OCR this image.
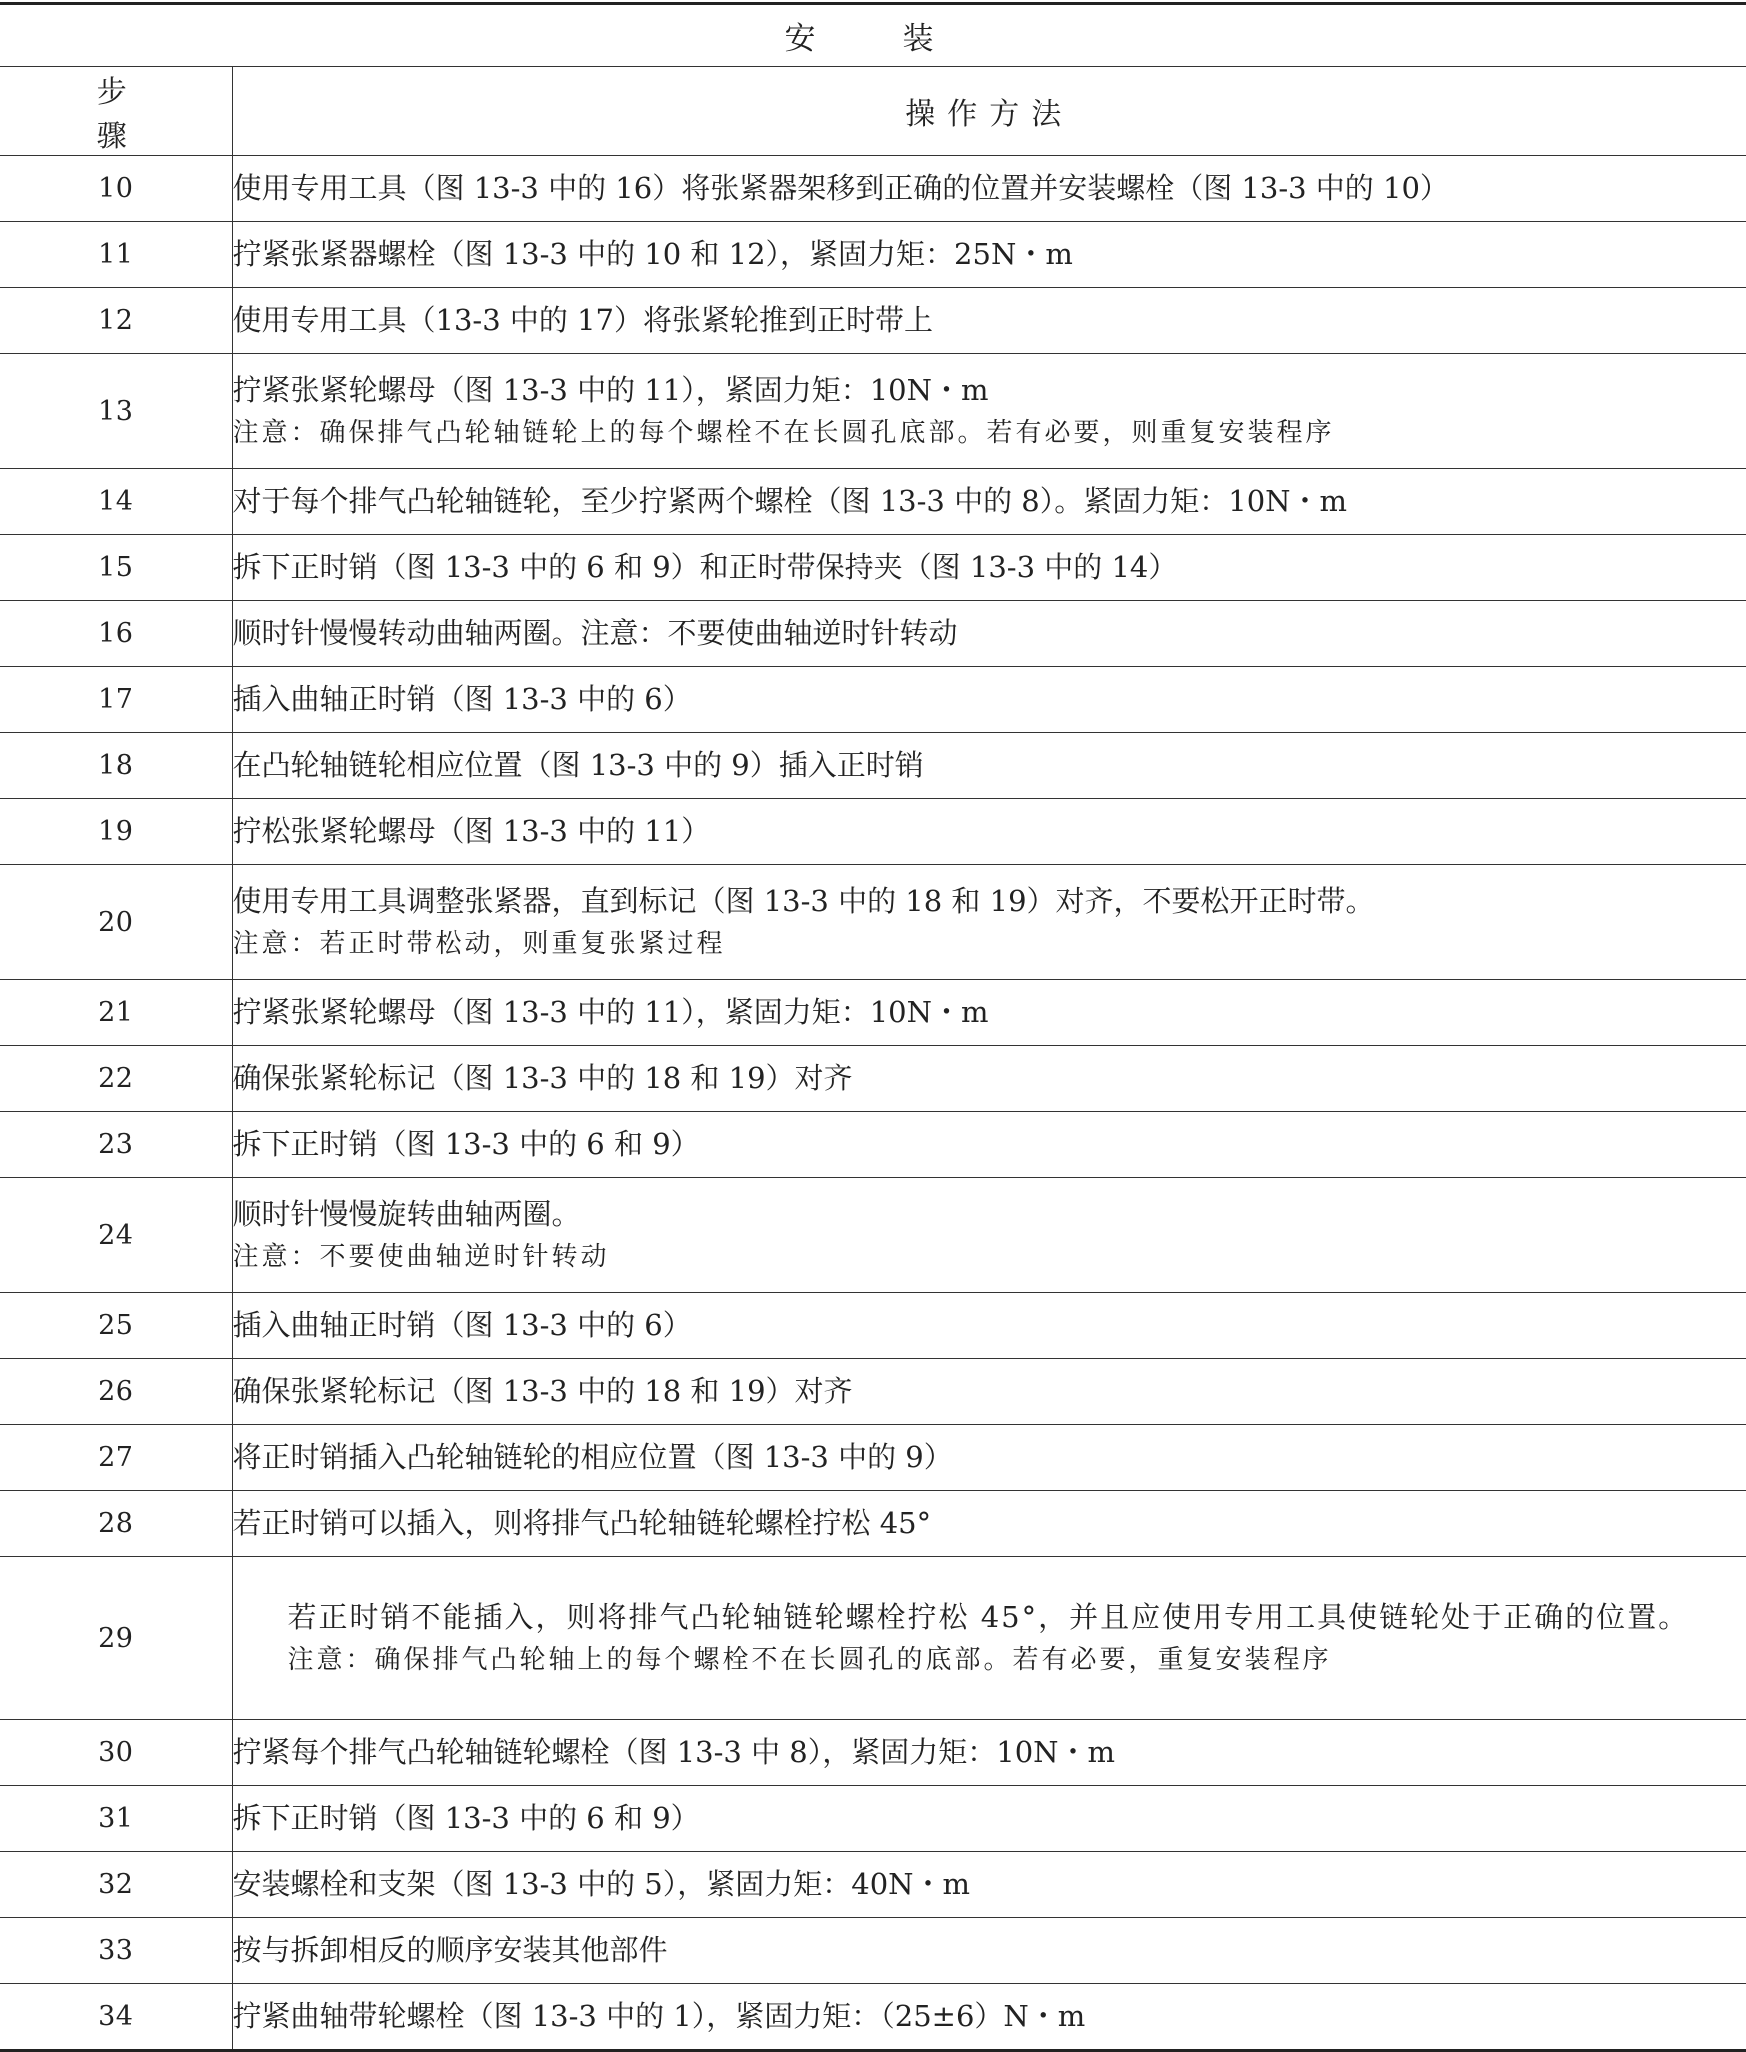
安　装	
步　骤	操作方法
10	使用专用工具（图 13-3 中的 16）将张紧器架移到正确的位置并安装螺栓（图 13-3 中的 10）

11	拧紧张紧器螺栓（图 13-3 中的 10 和 12），紧固力矩：25N・m

12	使用专用工具（13-3 中的 17）将张紧轮推到正时带上

13	拧紧张紧轮螺母（图 13-3 中的 11），紧固力矩：10N・m
注意：确保排气凸轮轴链轮上的每个螺栓不在长圆孔底部。若有必要，则重复安装程序

14	对于每个排气凸轮轴链轮，至少拧紧两个螺栓（图 13-3 中的 8）。紧固力矩：10N・m

15	拆下正时销（图 13-3 中的 6 和 9）和正时带保持夹（图 13-3 中的 14）

16	顺时针慢慢转动曲轴两圈。注意：不要使曲轴逆时针转动

17	插入曲轴正时销（图 13-3 中的 6）

18	在凸轮轴链轮相应位置（图 13-3 中的 9）插入正时销

19	拧松张紧轮螺母（图 13-3 中的 11）

20	使用专用工具调整张紧器，直到标记（图 13-3 中的 18 和 19）对齐，不要松开正时带。
注意：若正时带松动，则重复张紧过程

21	拧紧张紧轮螺母（图 13-3 中的 11），紧固力矩：10N・m

22	确保张紧轮标记（图 13-3 中的 18 和 19）对齐

23	拆下正时销（图 13-3 中的 6 和 9）

24	顺时针慢慢旋转曲轴两圈。
注意：不要使曲轴逆时针转动

25	插入曲轴正时销（图 13-3 中的 6）

26	确保张紧轮标记（图 13-3 中的 18 和 19）对齐

27	将正时销插入凸轮轴链轮的相应位置（图 13-3 中的 9）

28	若正时销可以插入，则将排气凸轮轴链轮螺栓拧松 45°

29	若正时销不能插入，则将排气凸轮轴链轮螺栓拧松 45°，并且应使用专用工具使链轮处于正确的位置。
注意：确保排气凸轮轴上的每个螺栓不在长圆孔的底部。若有必要，重复安装程序

30	拧紧每个排气凸轮轴链轮螺栓（图 13-3 中 8），紧固力矩：10N・m

31	拆下正时销（图 13-3 中的 6 和 9）

32	安装螺栓和支架（图 13-3 中的 5），紧固力矩：40N・m

33	按与拆卸相反的顺序安装其他部件

34	拧紧曲轴带轮螺栓（图 13-3 中的 1），紧固力矩：（25±6）N・m
